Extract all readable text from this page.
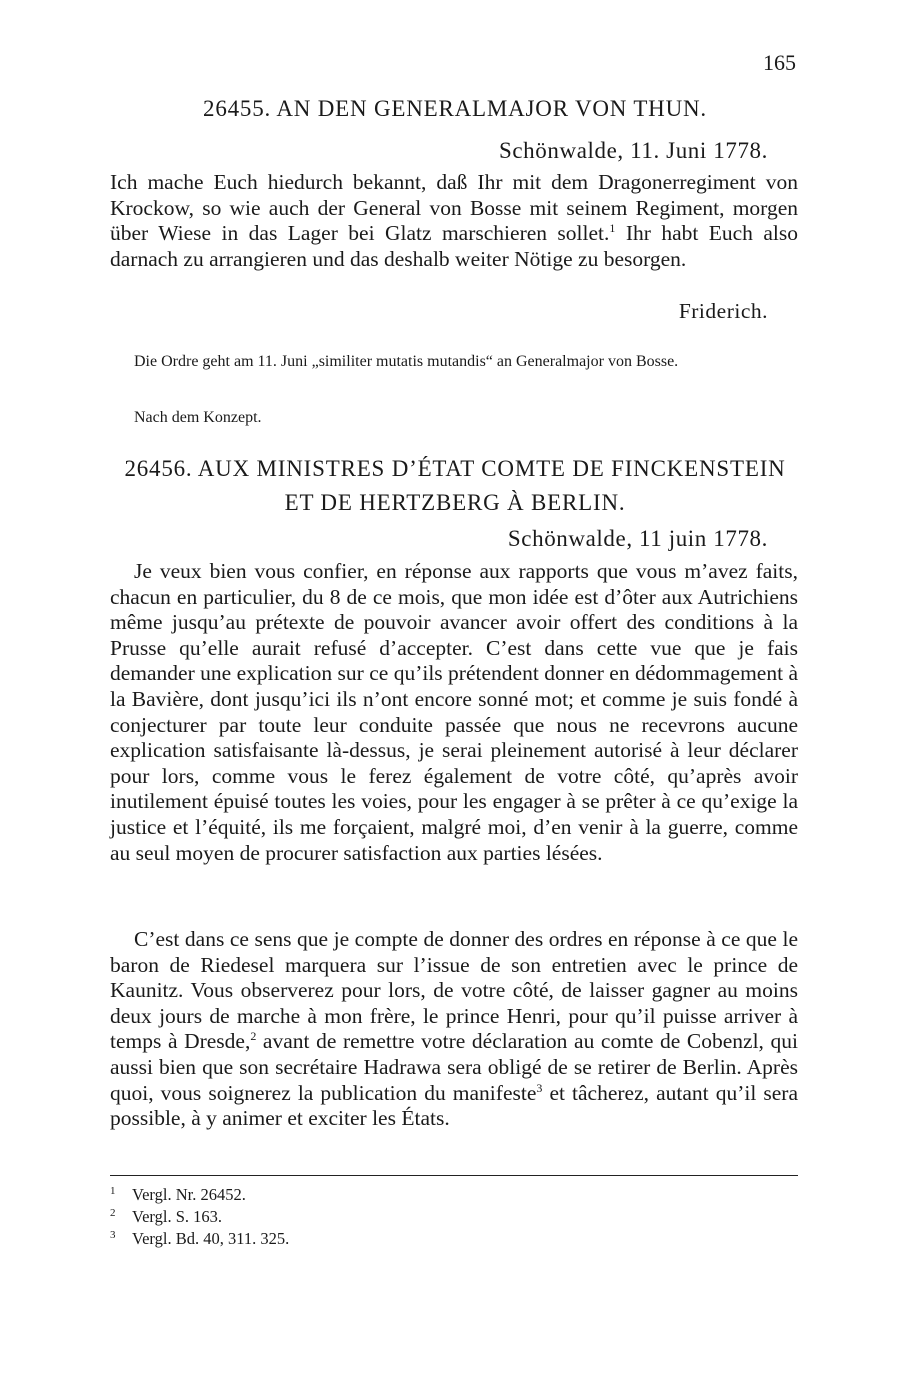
165
26455. AN DEN GENERALMAJOR VON THUN.
Schönwalde, 11. Juni 1778.

Ich mache Euch hiedurch bekannt, daß Ihr mit dem Dragonerregiment von Krockow, so wie auch der General von Bosse mit seinem Regiment, morgen über Wiese in das Lager bei Glatz marschieren sollet.$^1$ Ihr habt Euch also darnach zu arrangieren und das deshalb weiter Nötige zu besorgen.

Friderich.

Die Ordre geht am 11. Juni „similiter mutatis mutandis“ an Generalmajor von Bosse.

Nach dem Konzept.

26456. AUX MINISTRES D’ÉTAT COMTE DE FINCKENSTEIN
ET DE HERTZBERG À BERLIN.
Schönwalde, 11 juin 1778.

Je veux bien vous confier, en réponse aux rapports que vous m’avez faits, chacun en particulier, du 8 de ce mois, que mon idée est d’ôter aux Autrichiens même jusqu’au prétexte de pouvoir avancer avoir offert des conditions à la Prusse qu’elle aurait refusé d’accepter. C’est dans cette vue que je fais demander une explication sur ce qu’ils prétendent donner en dédommagement à la Bavière, dont jusqu’ici ils n’ont encore sonné mot; et comme je suis fondé à conjecturer par toute leur conduite passée que nous ne recevrons aucune explication satisfaisante là-dessus, je serai pleinement autorisé à leur déclarer pour lors, comme vous le ferez également de votre côté, qu’après avoir inutilement épuisé toutes les voies, pour les engager à se prêter à ce qu’exige la justice et l’équité, ils me forçaient, malgré moi, d’en venir à la guerre, comme au seul moyen de procurer satisfaction aux parties lésées.

C’est dans ce sens que je compte de donner des ordres en réponse à ce que le baron de Riedesel marquera sur l’issue de son entretien avec le prince de Kaunitz. Vous observerez pour lors, de votre côté, de laisser gagner au moins deux jours de marche à mon frère, le prince Henri, pour qu’il puisse arriver à temps à Dresde,$^2$ avant de remettre votre déclaration au comte de Cobenzl, qui aussi bien que son secrétaire Hadrawa sera obligé de se retirer de Berlin. Après quoi, vous soignerez la publication du manifeste$^3$ et tâcherez, autant qu’il sera possible, à y animer et exciter les États.

1	Vergl. Nr. 26452.
2	Vergl. S. 163.
3	Vergl. Bd. 40, 311. 325.
